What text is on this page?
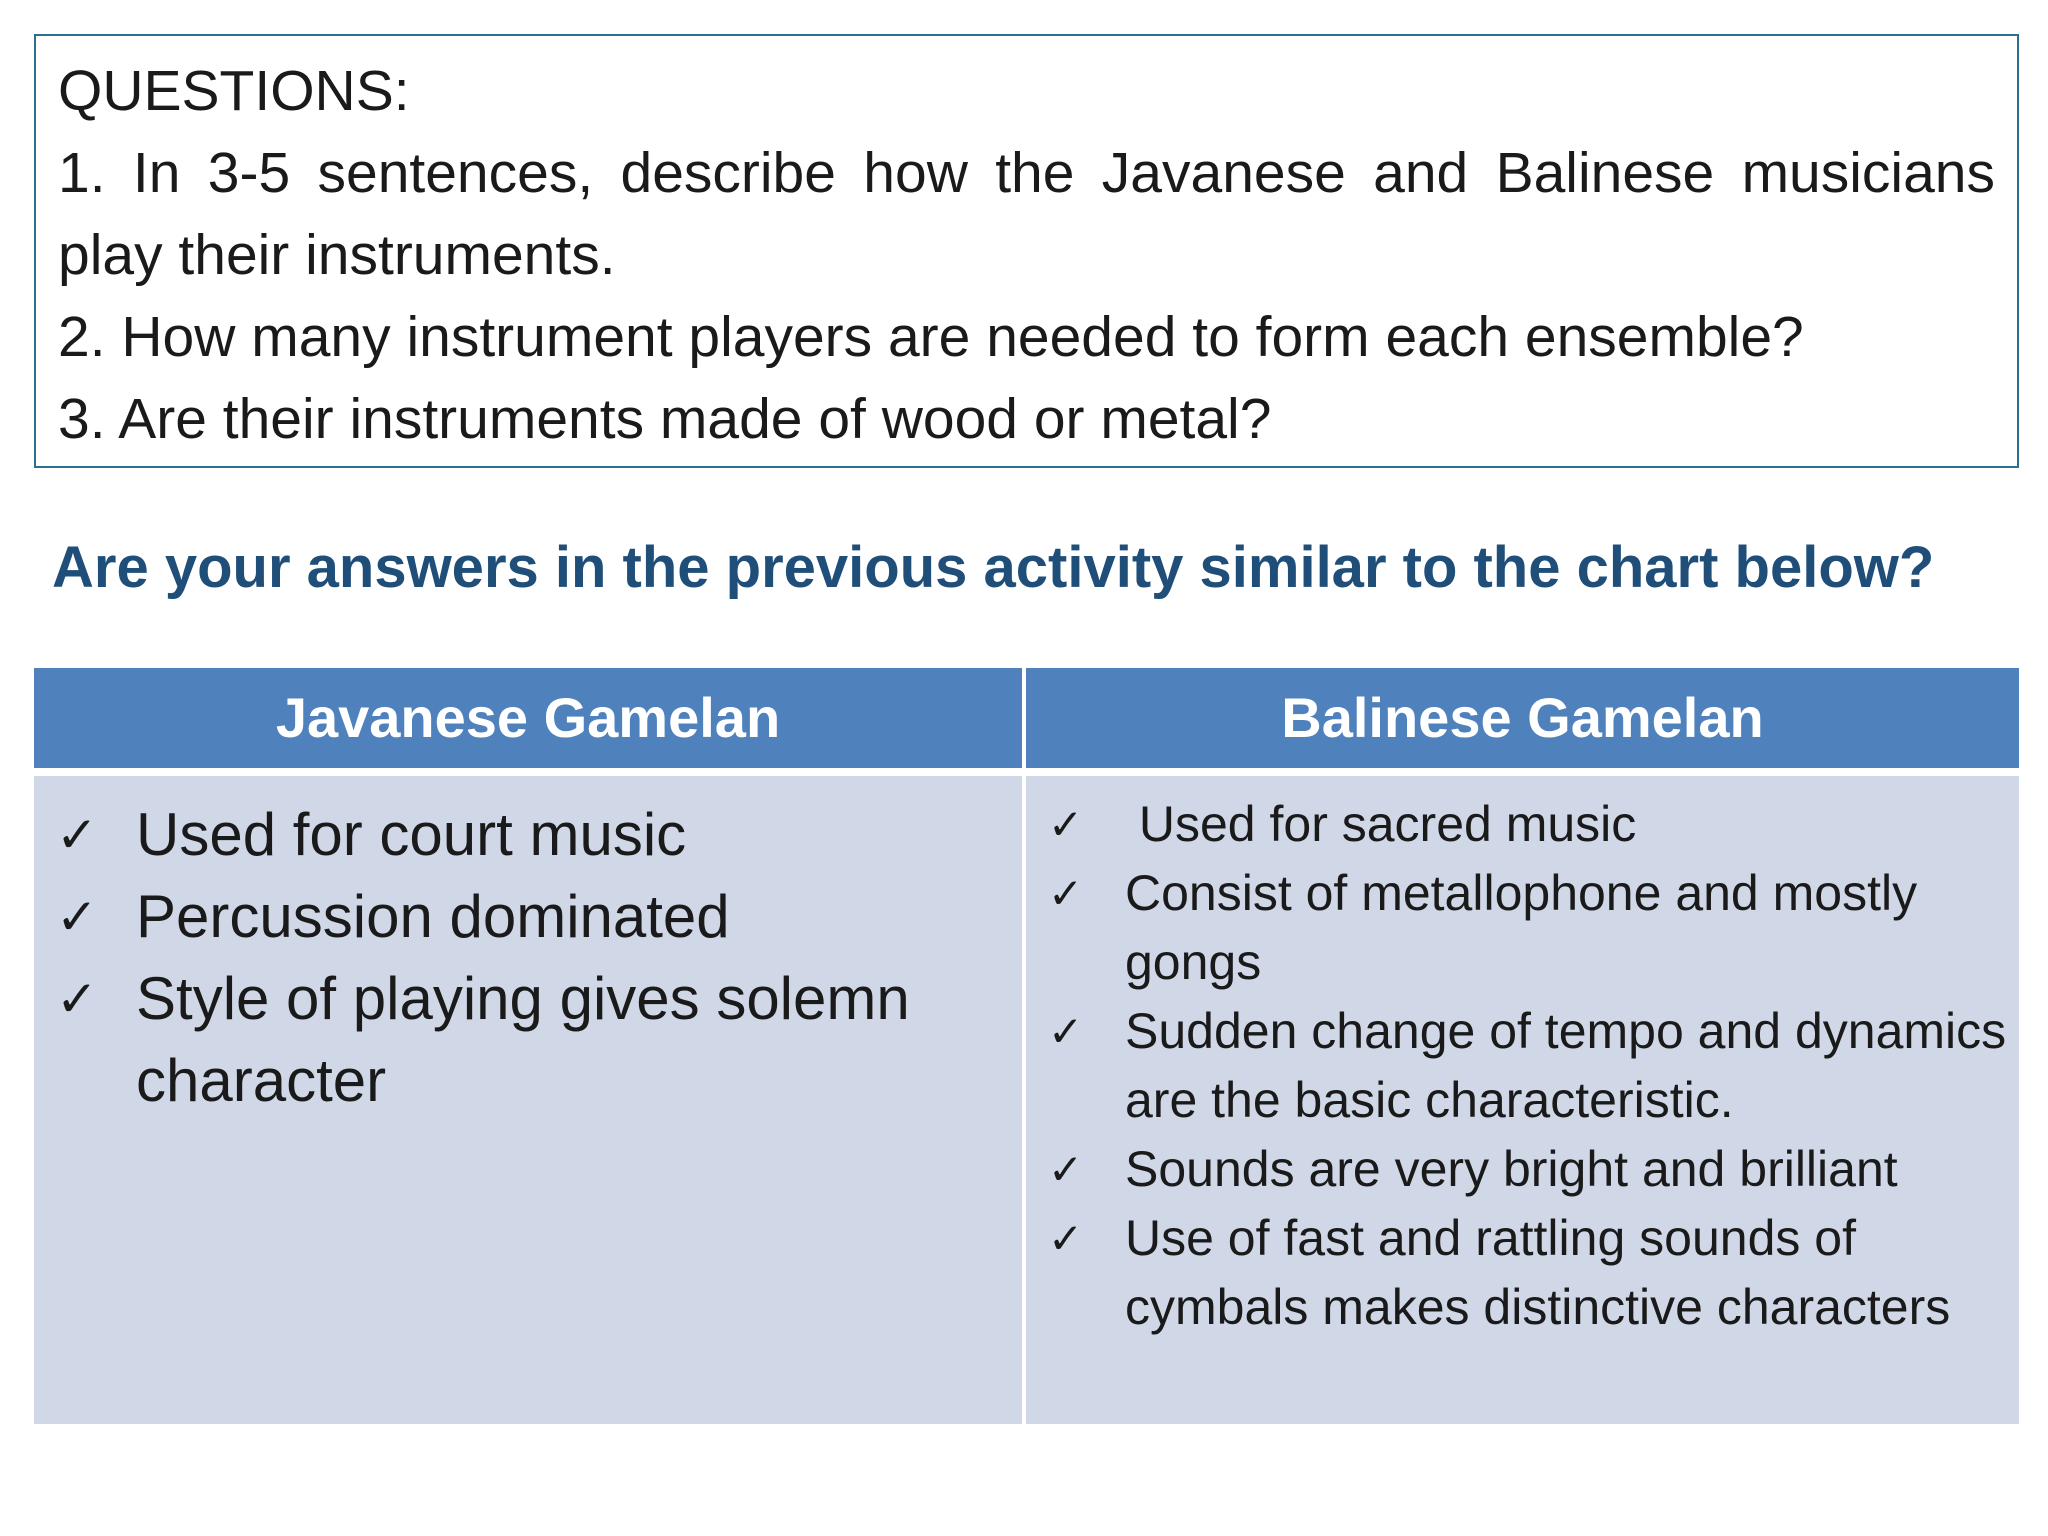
QUESTIONS:

1. In 3-5 sentences, describe how the Javanese and Balinese musicians play their instruments.

2. How many instrument players are needed to form each ensemble?

3. Are their instruments made of wood or metal?

Are your answers in the previous activity similar to the chart below?
Javanese Gamelan
✓ Used for court music
✓ Percussion dominated
✓ Style of playing gives solemn character
Balinese Gamelan
✓ Used for sacred music
✓ Consist of metallophone and mostly gongs
✓ Sudden change of tempo and dynamics are the basic characteristic.
✓ Sounds are very bright and brilliant
✓ Use of fast and rattling sounds of cymbals makes distinctive characters
